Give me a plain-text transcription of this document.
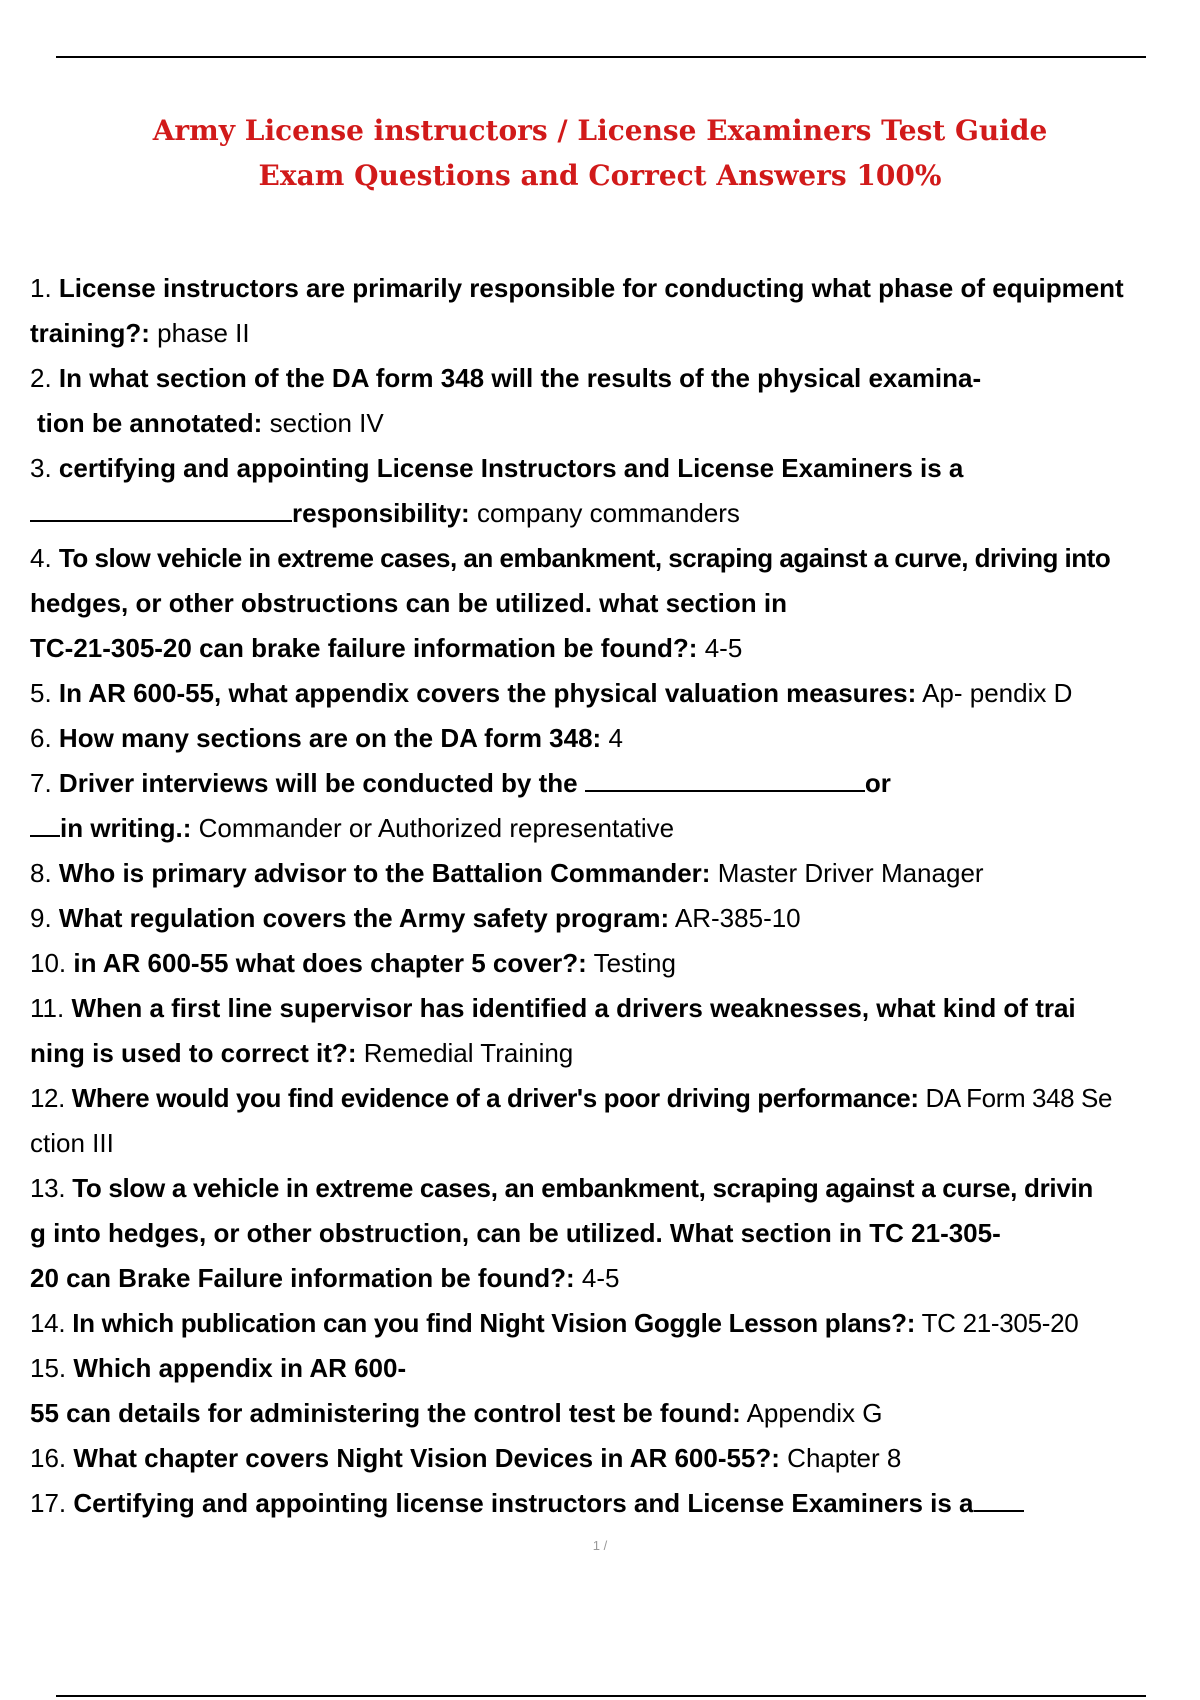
Army License instructors / License Examiners Test Guide
Exam Questions and Correct Answers 100%
1. License instructors are primarily responsible for conducting what phase of equipment
training?: phase II
2. In what section of the DA form 348 will the results of the physical examina-
tion be annotated: section IV
3. certifying and appointing License Instructors and License Examiners is a
responsibility: company commanders
4. To slow vehicle in extreme cases, an embankment, scraping against a curve, driving into
hedges, or other obstructions can be utilized. what section in
TC-21-305-20 can brake failure information be found?: 4-5
5. In AR 600-55, what appendix covers the physical valuation measures: Ap- pendix D
6. How many sections are on the DA form 348: 4
7. Driver interviews will be conducted by the	or
in writing.: Commander or Authorized representative
8. Who is primary advisor to the Battalion Commander: Master Driver Manager
9. What regulation covers the Army safety program: AR-385-10
10. in AR 600-55 what does chapter 5 cover?: Testing
11. When a first line supervisor has identified a drivers weaknesses, what kind of trai
ning is used to correct it?: Remedial Training
12. Where would you find evidence of a driver's poor driving performance: DA Form 348 Se
ction III
13. To slow a vehicle in extreme cases, an embankment, scraping against a curse, drivin
g into hedges, or other obstruction, can be utilized. What section in TC 21-305-
20 can Brake Failure information be found?: 4-5
14. In which publication can you find Night Vision Goggle Lesson plans?: TC 21-305-20
15. Which appendix in AR 600-
55 can details for administering the control test be found: Appendix G
16. What chapter covers Night Vision Devices in AR 600-55?: Chapter 8
17. Certifying and appointing license instructors and License Examiners is a
1 /
